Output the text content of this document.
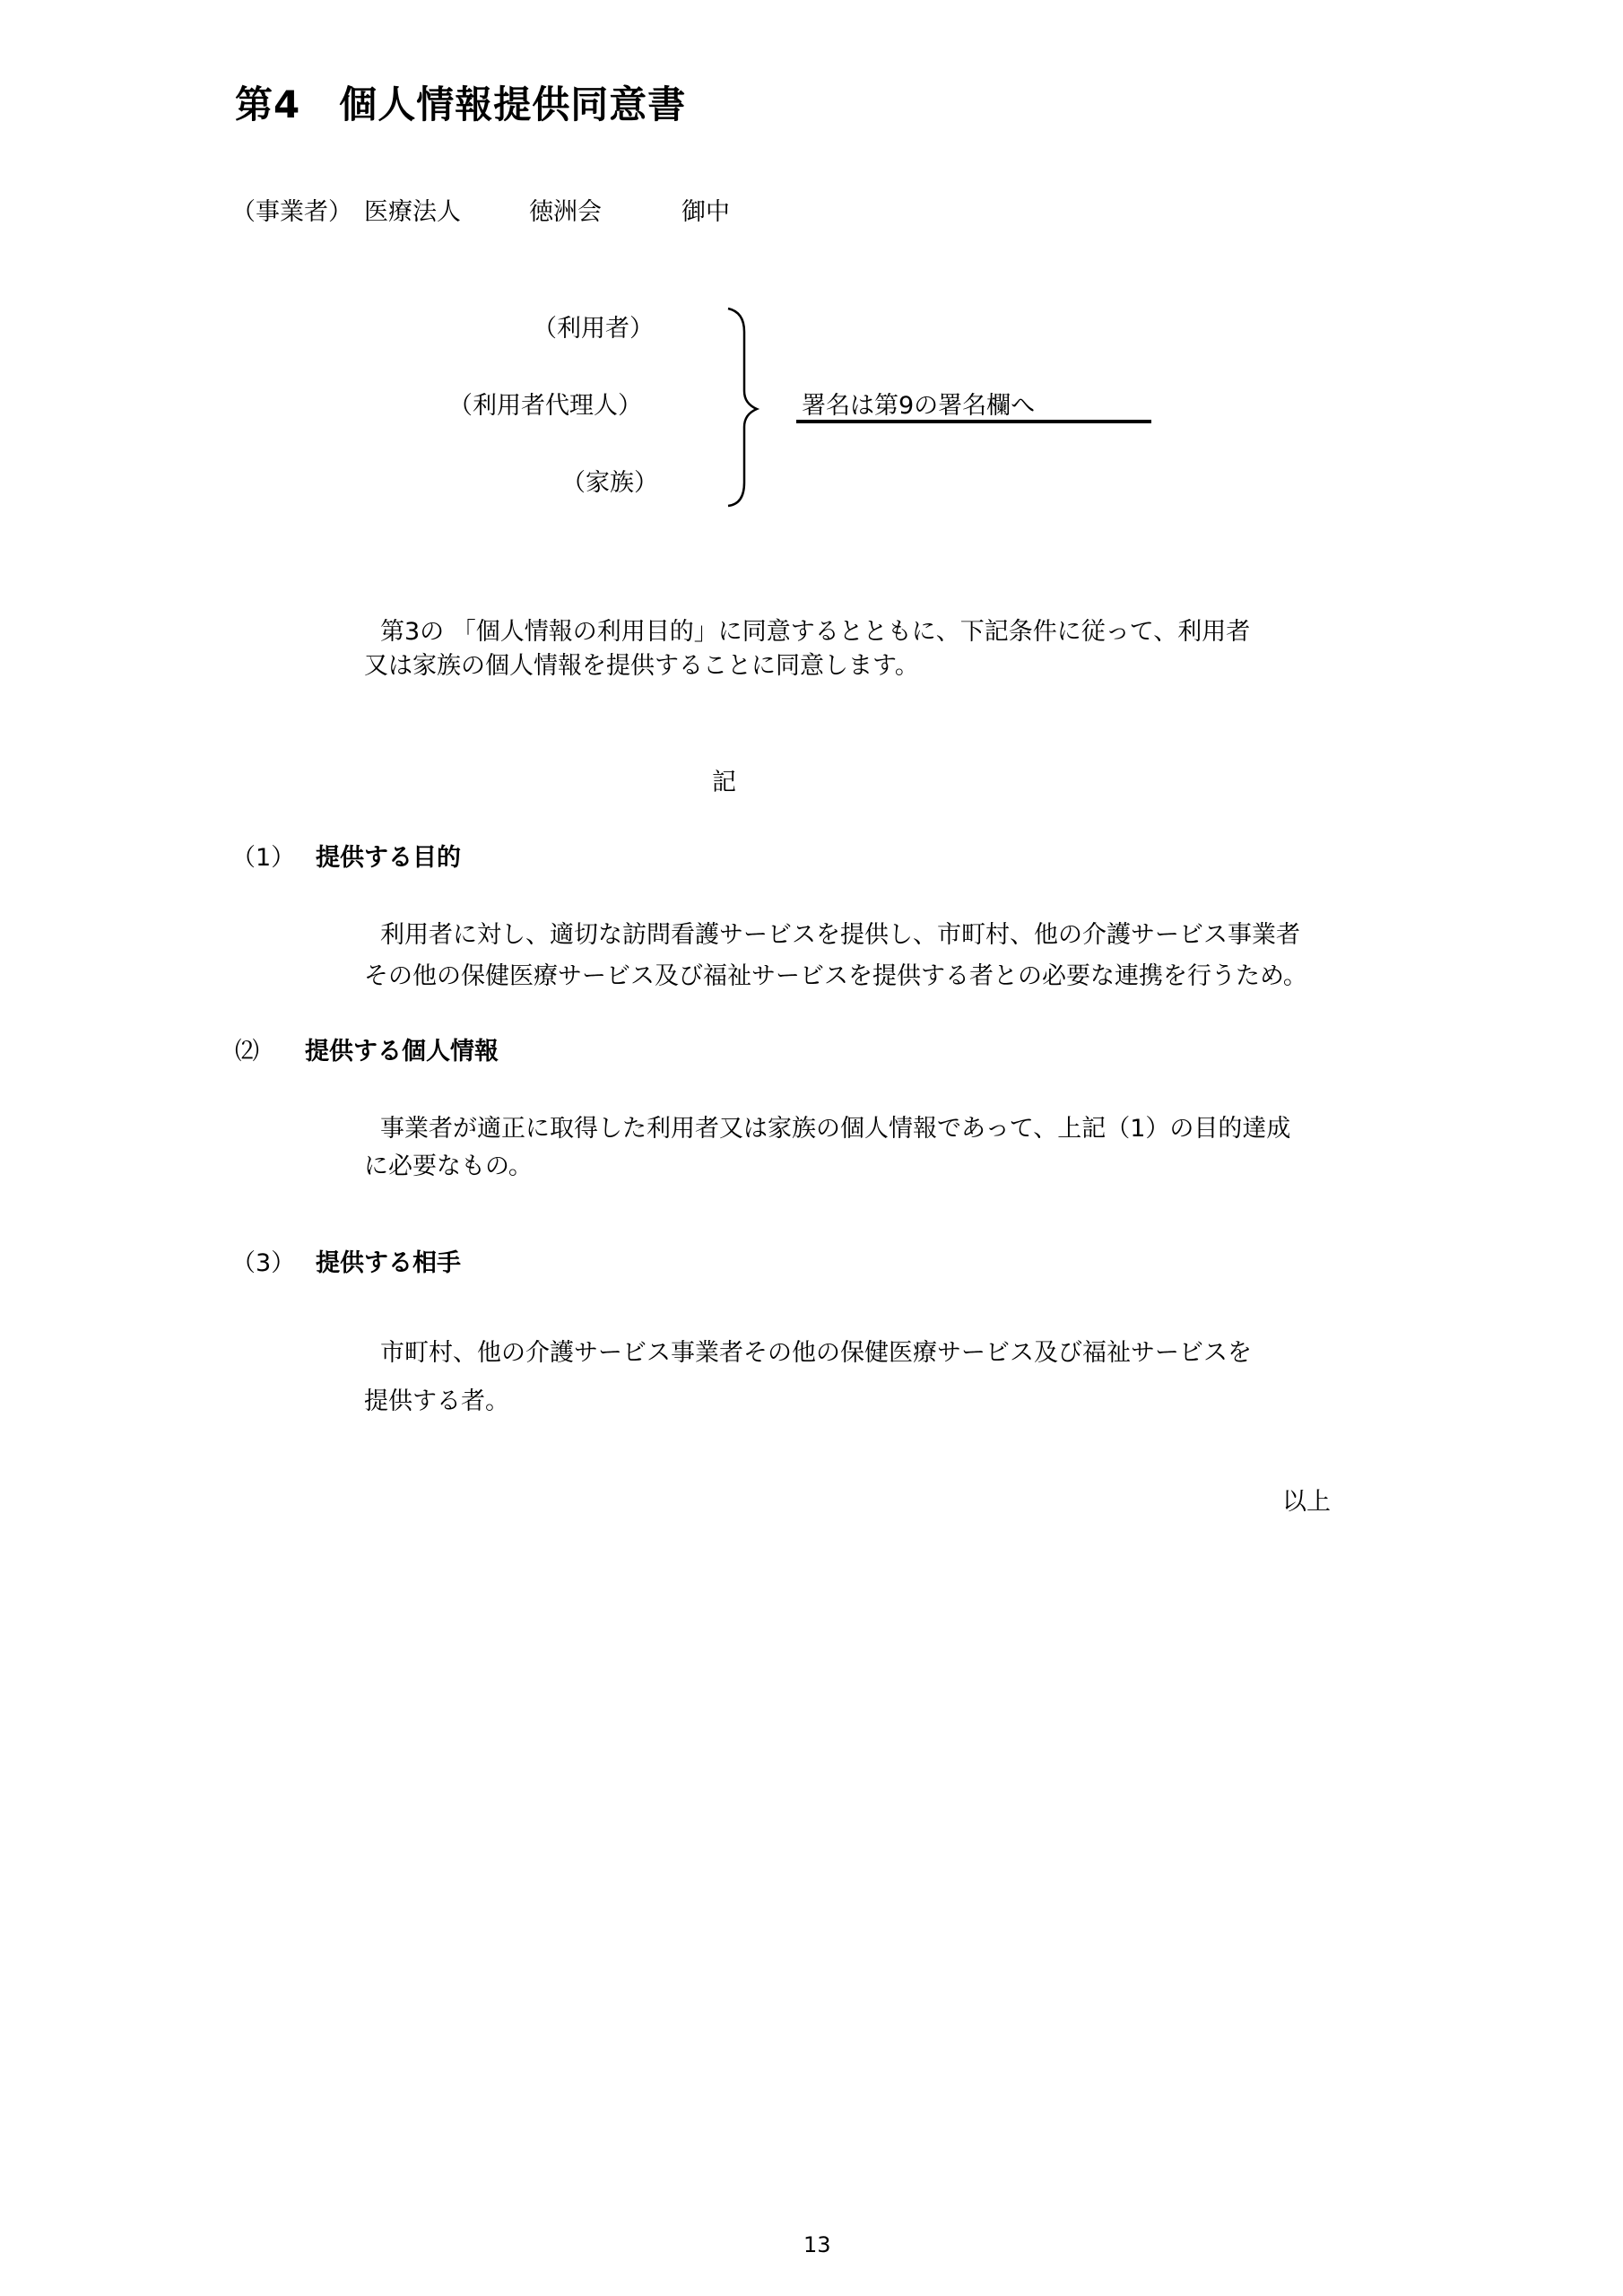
第4　個人情報提供同意書
（事業者） 医療法人	徳洲会	御中
（利用者）
（利用者代理人）
（家族）
署名は第9の署名欄へ
第3の 「個人情報の利用目的」に同意するとともに、下記条件に従って、利用者
又は家族の個人情報を提供することに同意します。
記
（1） 提供する目的
利用者に対し、適切な訪問看護サービスを提供し、市町村、他の介護サービス事業者
その他の保健医療サービス及び福祉サービスを提供する者との必要な連携を行うため。
⑵ 提供する個人情報
事業者が適正に取得した利用者又は家族の個人情報であって、上記（1）の目的達成
に必要なもの。
（3） 提供する相手
市町村、他の介護サービス事業者その他の保健医療サービス及び福祉サービスを
提供する者。
以上
13
